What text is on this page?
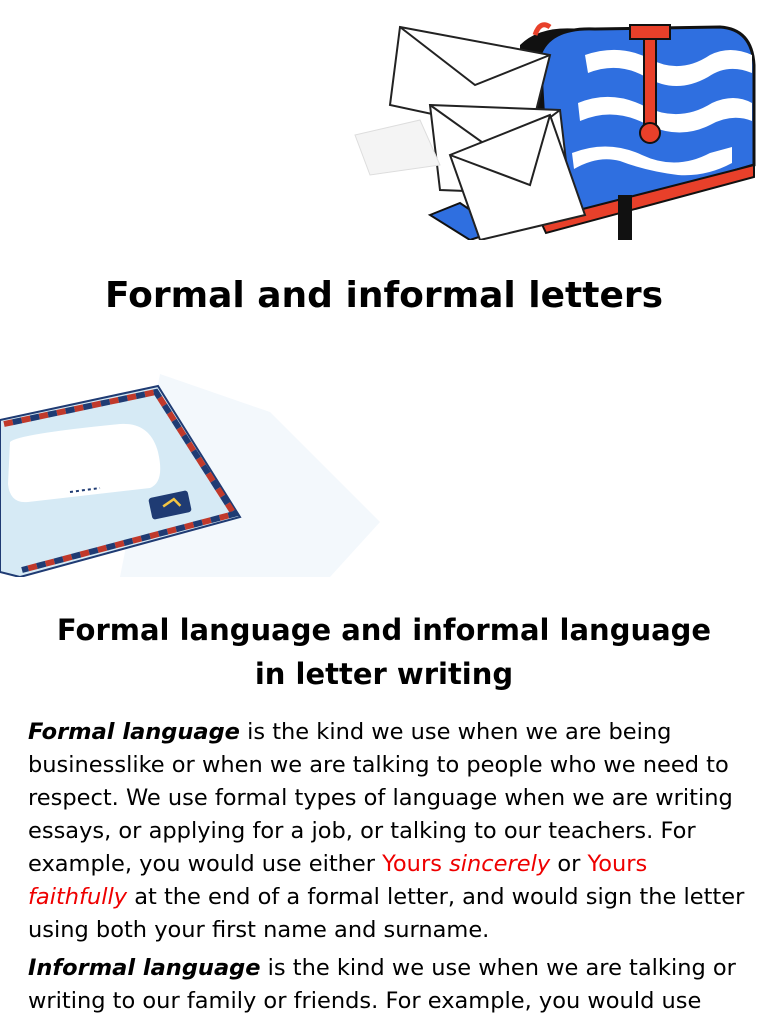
Formal and informal letters
Formal language and informal language in letter writing

Formal language is the kind we use when we are being businesslike or when we are talking to people who we need to respect. We use formal types of language when we are writing essays, or applying for a job, or talking to our teachers. For example, you would use either Yours sincerely or Yours faithfully at the end of a formal letter, and would sign the letter using both your first name and surname.

Informal language is the kind we use when we are talking or writing to our family or friends. For example, you would use
